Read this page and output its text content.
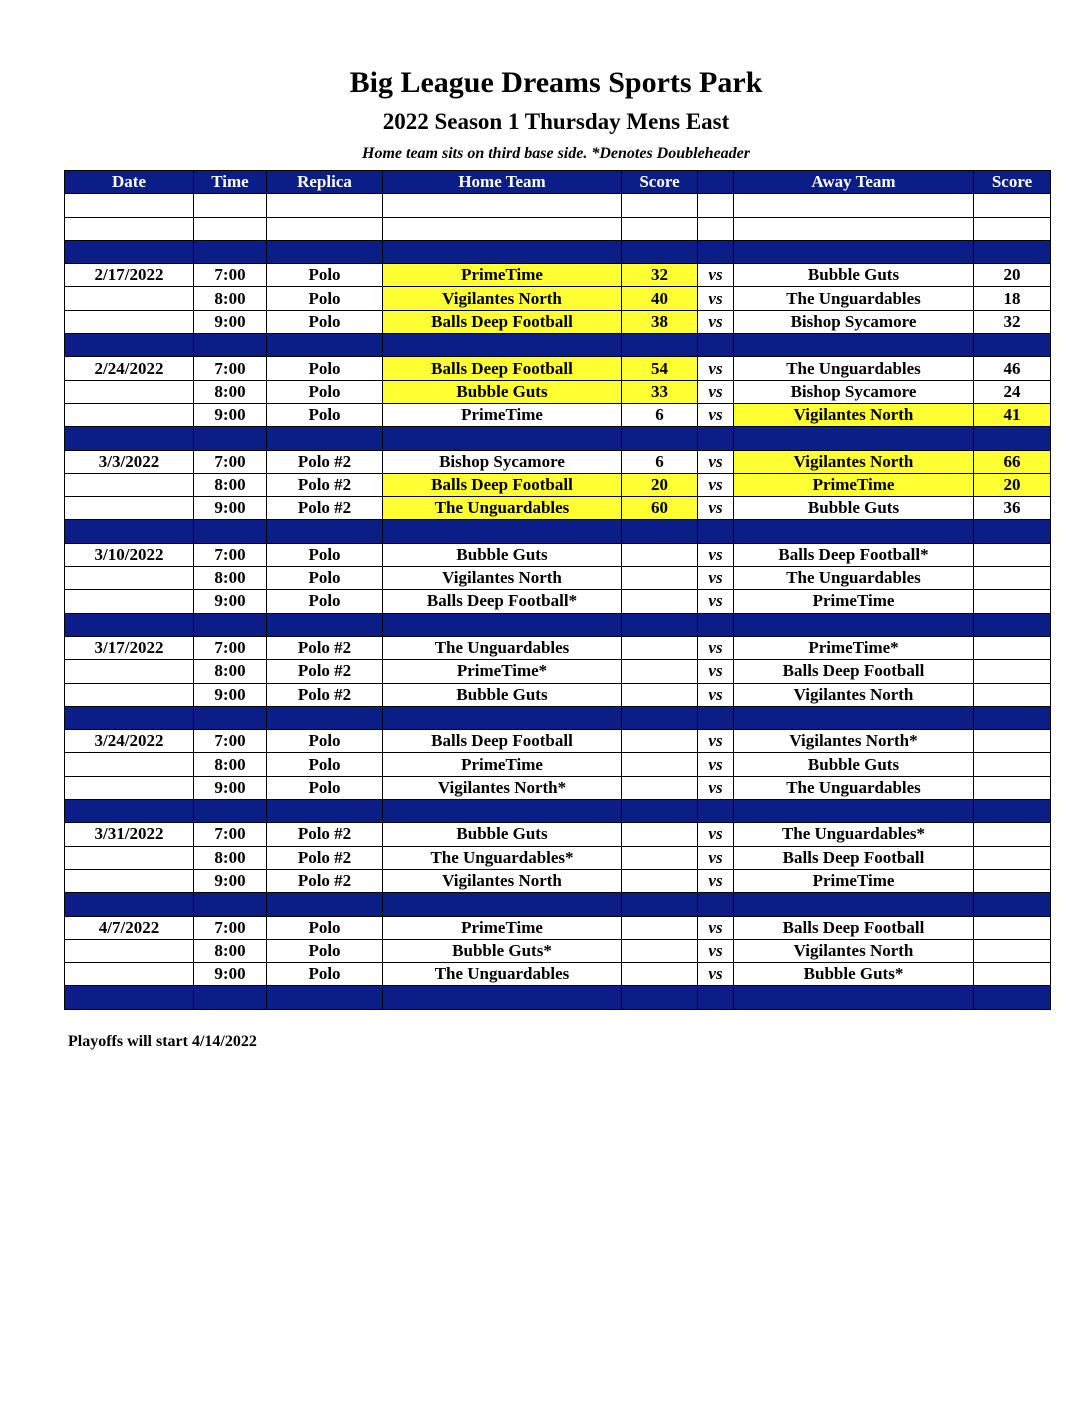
Big League Dreams Sports Park
2022 Season 1 Thursday Mens East
Home team sits on third base side. *Denotes Doubleheader
Date	Time	Replica	Home Team	Score		Away Team	Score

2/17/2022	7:00	Polo	PrimeTime	32	vs	Bubble Guts	20
	8:00	Polo	Vigilantes North	40	vs	The Unguardables	18
	9:00	Polo	Balls Deep Football	38	vs	Bishop Sycamore	32

2/24/2022	7:00	Polo	Balls Deep Football	54	vs	The Unguardables	46
	8:00	Polo	Bubble Guts	33	vs	Bishop Sycamore	24
	9:00	Polo	PrimeTime	6	vs	Vigilantes North	41

3/3/2022	7:00	Polo #2	Bishop Sycamore	6	vs	Vigilantes North	66
	8:00	Polo #2	Balls Deep Football	20	vs	PrimeTime	20
	9:00	Polo #2	The Unguardables	60	vs	Bubble Guts	36

3/10/2022	7:00	Polo	Bubble Guts		vs	Balls Deep Football*	
	8:00	Polo	Vigilantes North		vs	The Unguardables	
	9:00	Polo	Balls Deep Football*		vs	PrimeTime	

3/17/2022	7:00	Polo #2	The Unguardables		vs	PrimeTime*	
	8:00	Polo #2	PrimeTime*		vs	Balls Deep Football	
	9:00	Polo #2	Bubble Guts		vs	Vigilantes North	

3/24/2022	7:00	Polo	Balls Deep Football		vs	Vigilantes North*	
	8:00	Polo	PrimeTime		vs	Bubble Guts	
	9:00	Polo	Vigilantes North*		vs	The Unguardables	

3/31/2022	7:00	Polo #2	Bubble Guts		vs	The Unguardables*	
	8:00	Polo #2	The Unguardables*		vs	Balls Deep Football	
	9:00	Polo #2	Vigilantes North		vs	PrimeTime	

4/7/2022	7:00	Polo	PrimeTime		vs	Balls Deep Football	
	8:00	Polo	Bubble Guts*		vs	Vigilantes North	
	9:00	Polo	The Unguardables		vs	Bubble Guts*	

Playoffs will start 4/14/2022
